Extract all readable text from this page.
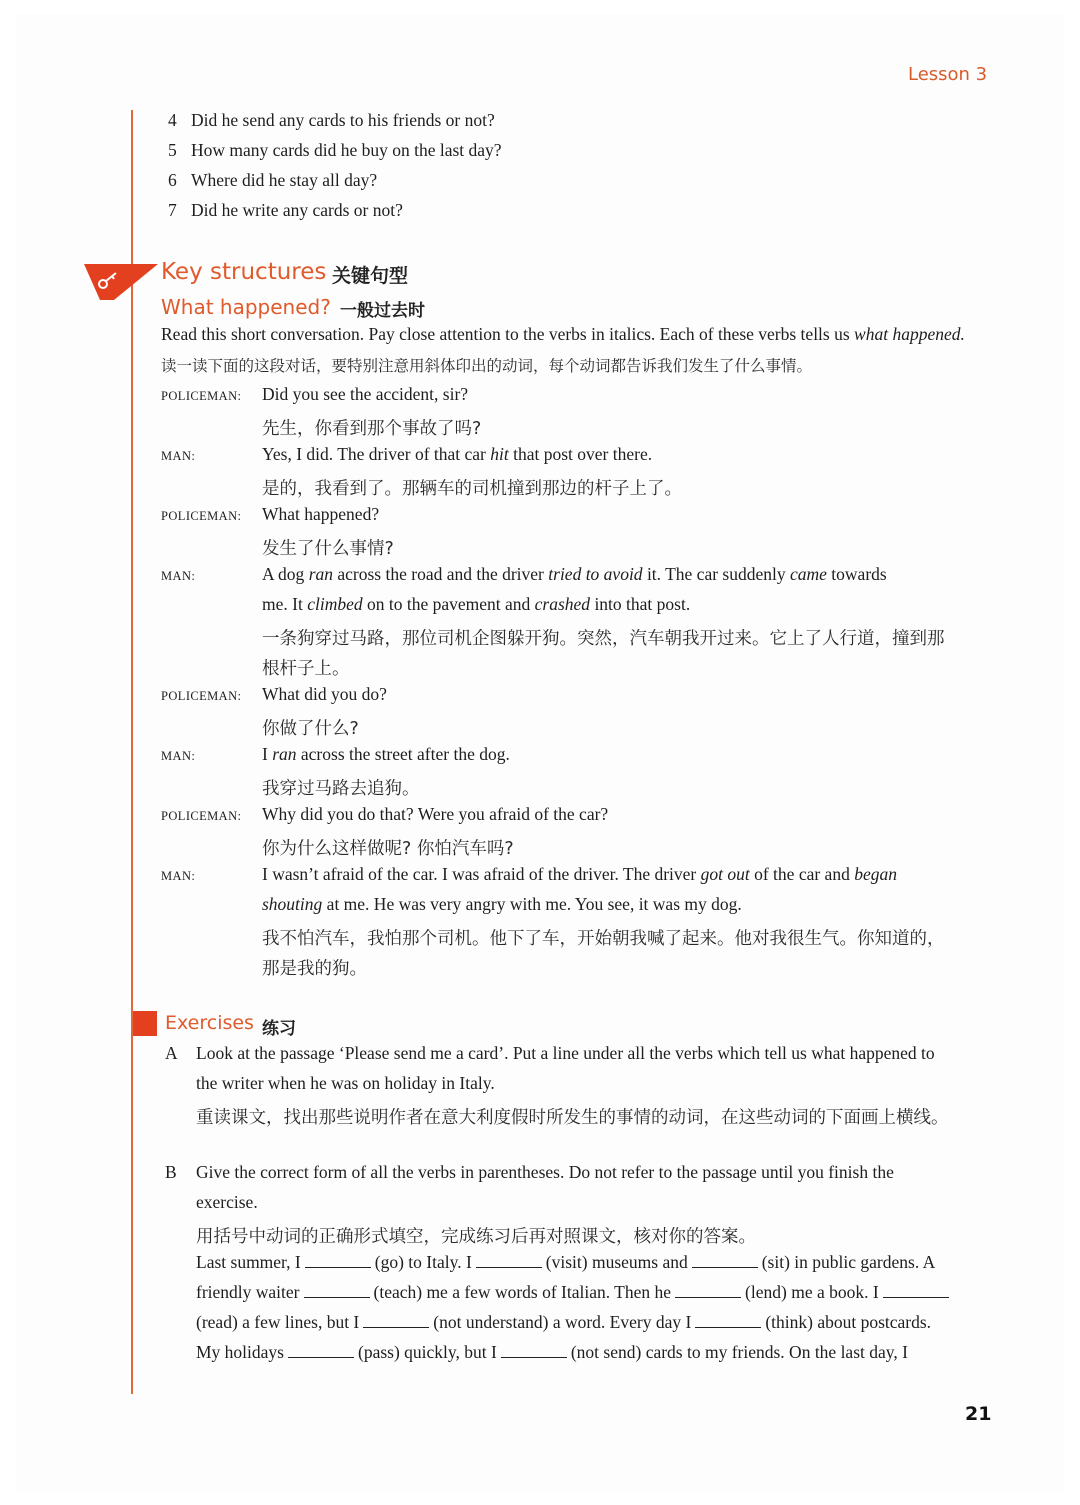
Lesson 3
4 Did he send any cards to his friends or not?
5 How many cards did he buy on the last day?
6 Where did he stay all day?
7 Did he write any cards or not?
Key structures 关键句型
What happened? 一般过去时
Read this short conversation. Pay close attention to the verbs in italics. Each of these verbs tells us what happened.
读一读下面的这段对话，要特别注意用斜体印出的动词，每个动词都告诉我们发生了什么事情。
POLICEMAN: Did you see the accident, sir?
先生，你看到那个事故了吗?
MAN:	Yes, I did. The driver of that car hit that post over there.
是的，我看到了。那辆车的司机撞到那边的杆子上了。
POLICEMAN: What happened?
发生了什么事情?
MAN:	A dog ran across the road and the driver tried to avoid it. The car suddenly came towards
me. It climbed on to the pavement and crashed into that post.
一条狗穿过马路，那位司机企图躲开狗。突然，汽车朝我开过来。它上了人行道，撞到那
根杆子上。
POLICEMAN: What did you do?
你做了什么?
MAN:	I ran across the street after the dog.
我穿过马路去追狗。
POLICEMAN: Why did you do that? Were you afraid of the car?
你为什么这样做呢? 你怕汽车吗?
MAN:	I wasn’t afraid of the car. I was afraid of the driver. The driver got out of the car and began
shouting at me. He was very angry with me. You see, it was my dog.
我不怕汽车，我怕那个司机。他下了车，开始朝我喊了起来。他对我很生气。你知道的，
那是我的狗。
Exercises 练习
A Look at the passage ‘Please send me a card’. Put a line under all the verbs which tell us what happened to
the writer when he was on holiday in Italy.
重读课文，找出那些说明作者在意大利度假时所发生的事情的动词，在这些动词的下面画上横线。
B Give the correct form of all the verbs in parentheses. Do not refer to the passage until you finish the
exercise.
用括号中动词的正确形式填空，完成练习后再对照课文，核对你的答案。
Last summer, I	(go) to Italy. I	(visit) museums and	(sit) in public gardens. A
friendly waiter	(teach) me a few words of Italian. Then he	(lend) me a book. I
(read) a few lines, but I	(not understand) a word. Every day I	(think) about postcards.
My holidays	(pass) quickly, but I	(not send) cards to my friends. On the last day, I
21
